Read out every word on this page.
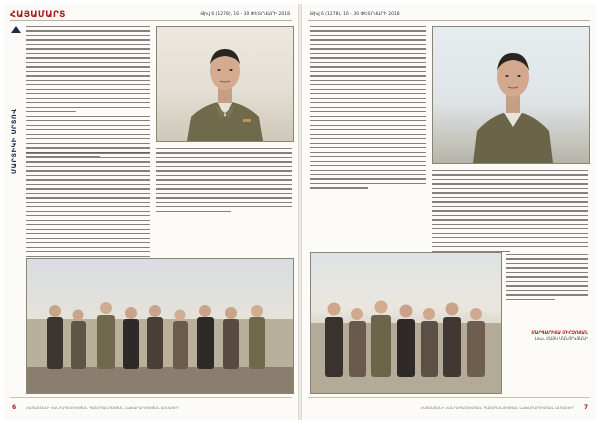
ՀԱՅԱՄԱՐՏ	Թիվ 6 (1278), 16 - 30 ՓԵՏՐՎԱՐԻ 2018
ՄԱՐՏԻԿԻ ՍՐՏՈՎ
6	ՀԱՅԱՍՏԱՆԻ ՀԱՆՐԱՊԵՏՈՒԹՅԱՆ ՊԱՇՏՊԱՆՈՒԹՅԱՆ ՆԱԽԱՐԱՐՈՒԹՅԱՆ ԱՄՍԱԳԻՐ
Թիվ 6 (1278), 16 - 30 ՓԵՏՐՎԱՐԻ 2018
ՄԱՐԳԱՐԻՏԱ ՄԻՐԶՈՅԱՆ
Լուս. ՀԱՅԿ ՄԱՆՈՒԿՅԱՆԻ
ՀԱՅԱՍՏԱՆԻ ՀԱՆՐԱՊԵՏՈՒԹՅԱՆ ՊԱՇՏՊԱՆՈՒԹՅԱՆ ՆԱԽԱՐԱՐՈՒԹՅԱՆ ԱՄՍԱԳԻՐ 7
